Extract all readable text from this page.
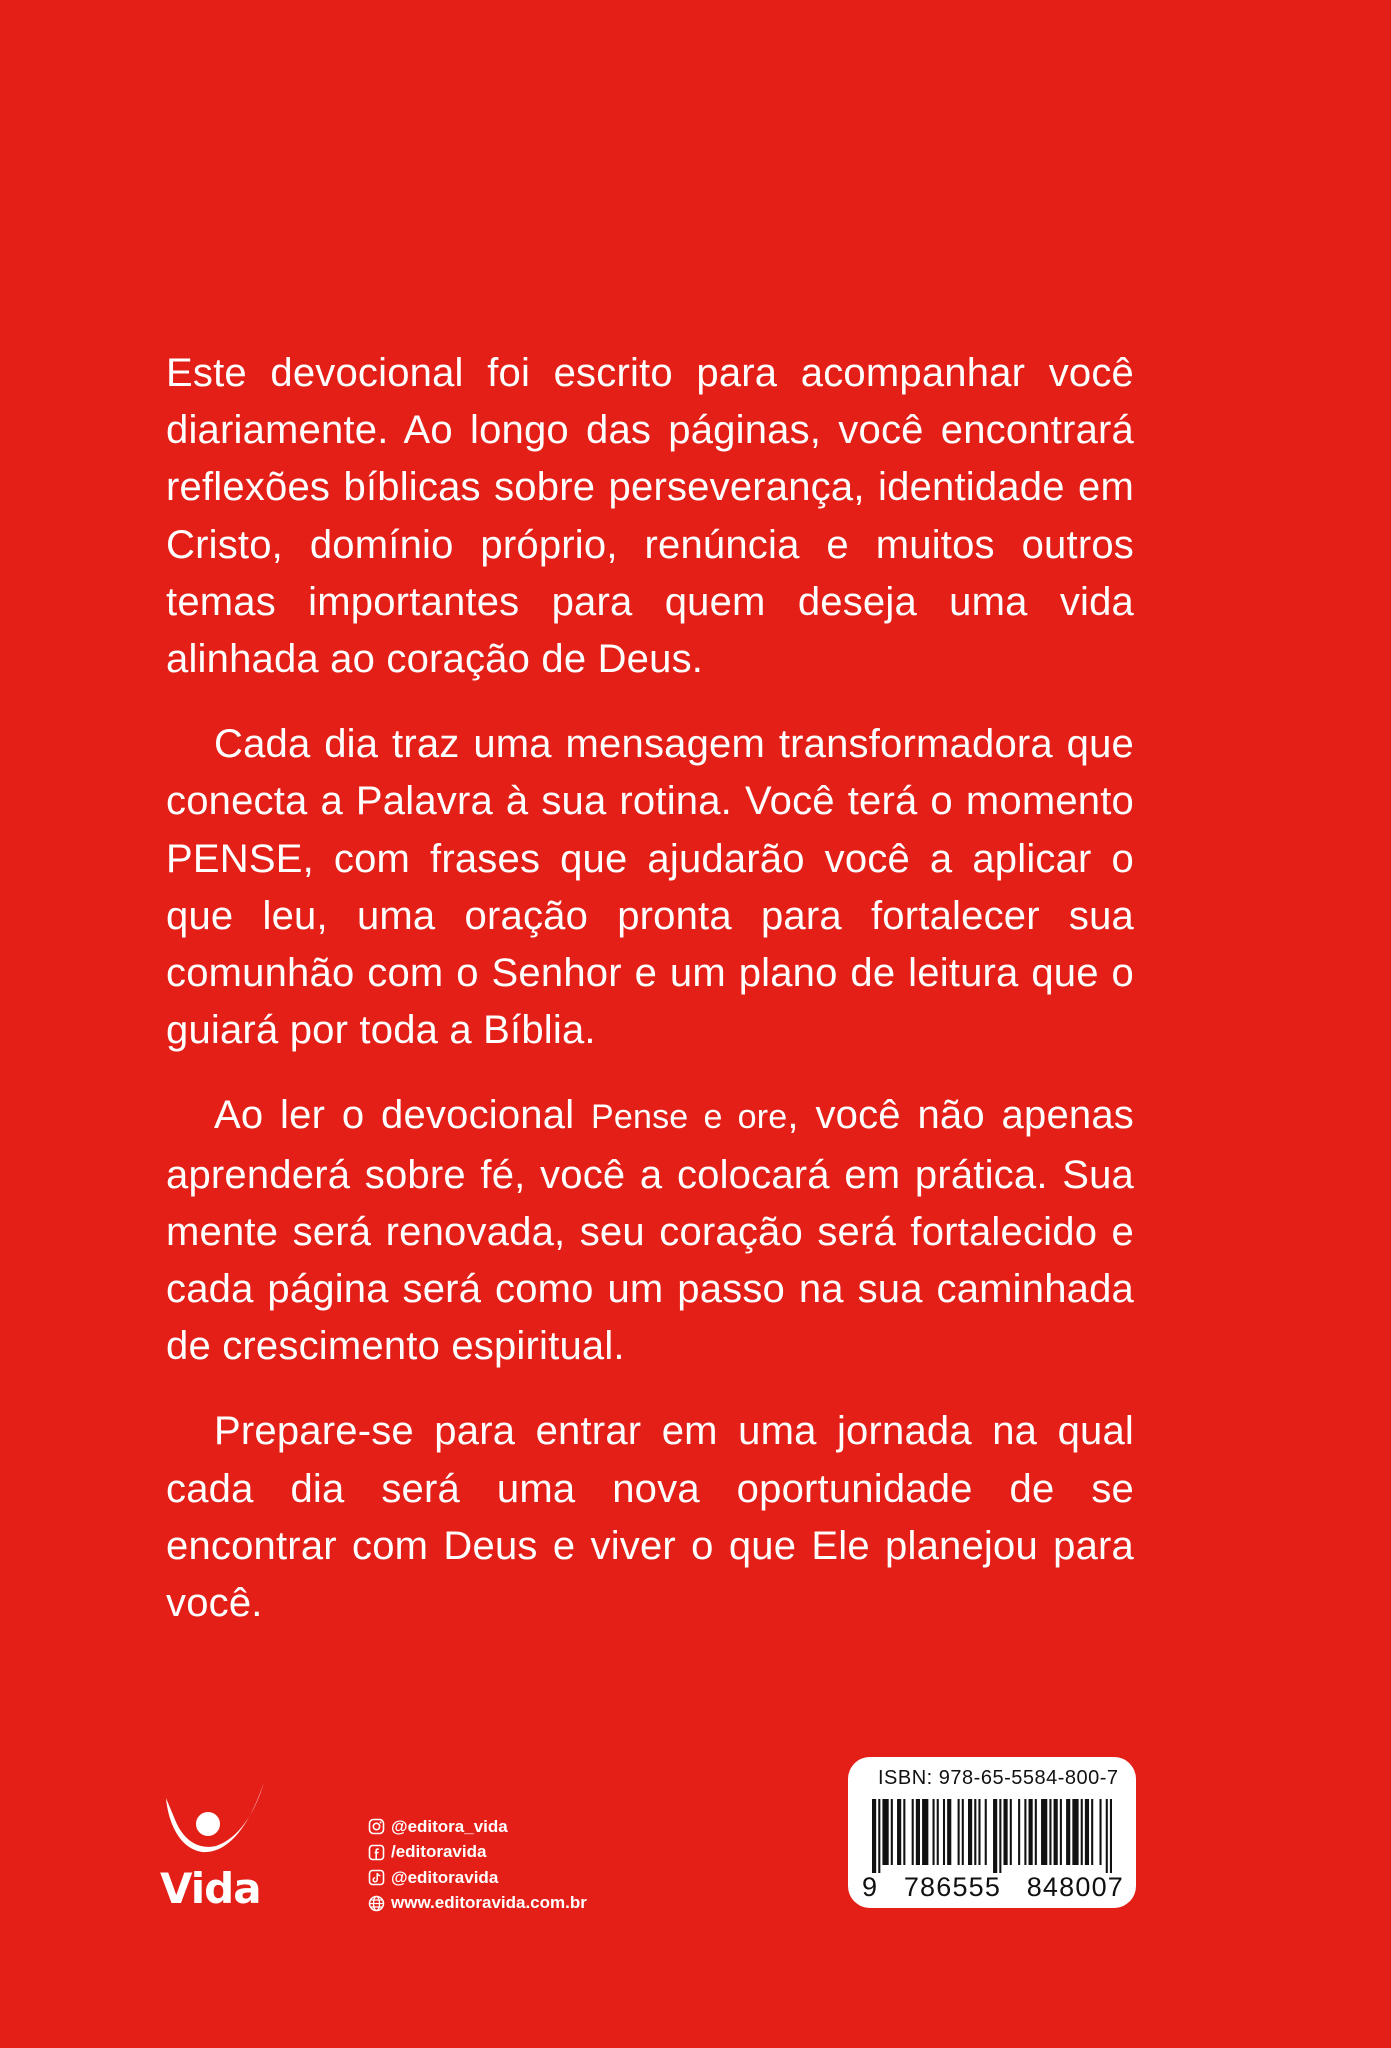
Este devocional foi escrito para acompanhar você diariamente. Ao longo das páginas, você encontrará reflexões bíblicas sobre perseverança, identidade em Cristo, domínio próprio, renúncia e muitos outros temas importantes para quem deseja uma vida alinhada ao coração de Deus.

Cada dia traz uma mensagem transformadora que conecta a Palavra à sua rotina. Você terá o momento PENSE, com frases que ajudarão você a aplicar o que leu, uma oração pronta para fortalecer sua comunhão com o Senhor e um plano de leitura que o guiará por toda a Bíblia.

Ao ler o devocional Pense e ore, você não apenas aprenderá sobre fé, você a colocará em prática. Sua mente será renovada, seu coração será fortalecido e cada página será como um passo na sua caminhada de crescimento espiritual.

Prepare-se para entrar em uma jornada na qual cada dia será uma nova oportunidade de se encontrar com Deus e viver o que Ele planejou para você.

Vida
@editora_vida
/editoravida
@editoravida
www.editoravida.com.br
ISBN: 978-65-5584-800-7
9 786555 848007
